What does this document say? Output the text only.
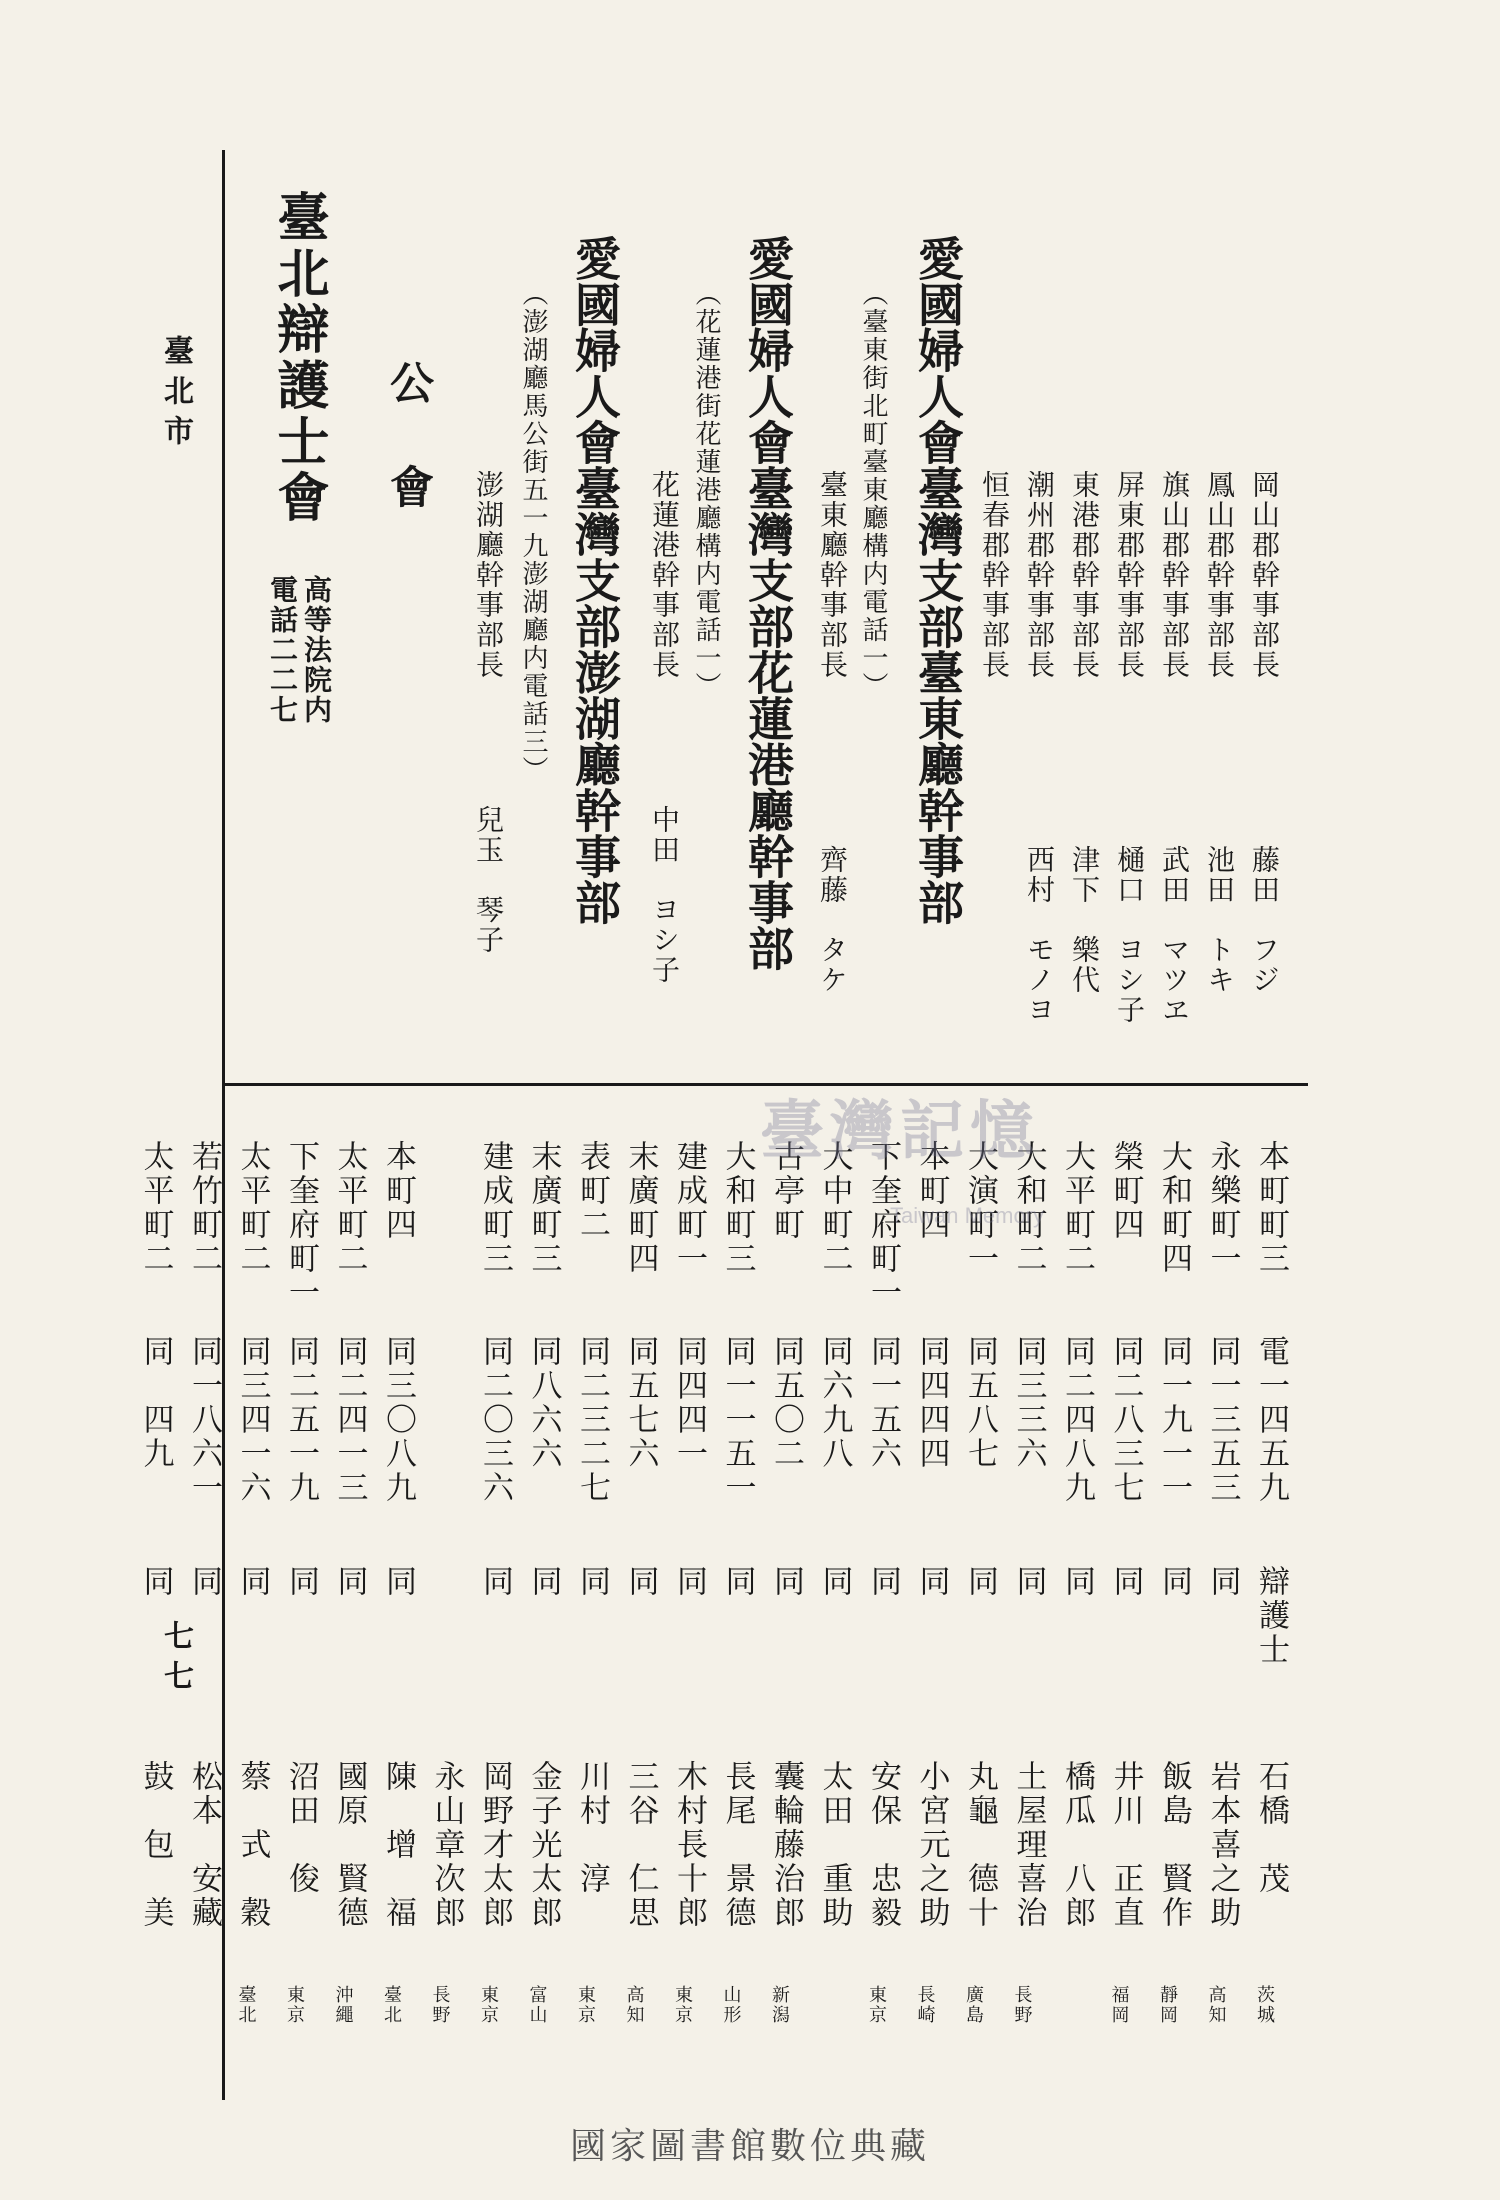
臺北市
七七
岡山郡幹事部長
藤田　フジ
鳳山郡幹事部長
池田　トキ
旗山郡幹事部長
武田　マツヱ
屏東郡幹事部長
樋口　ヨシ子
東港郡幹事部長
津下　樂代
潮州郡幹事部長
西村　モノヨ
恒春郡幹事部長
愛國婦人會臺灣支部臺東廳幹事部
（臺東街北町臺東廳構内電話一）
臺東廳幹事部長
齊藤　タケ
愛國婦人會臺灣支部花蓮港廳幹事部
（花蓮港街花蓮港廳構内電話一）
花蓮港幹事部長
中田　ヨシ子
愛國婦人會臺灣支部澎湖廳幹事部
（澎湖廳馬公街五一九澎湖廳内電話三）
澎湖廳幹事部長
兒玉　琴子
公　會
臺北辯護士會
高等法院内
電話二二七
本町町三
電一四五九
辯護士
石橋　茂
茨城
永樂町一
同一三五三
同
岩本喜之助
高知
大和町四
同一九一一
同
飯島　賢作
靜岡
榮町四
同二八三七
同
井川　正直
福岡
大平町二
同二四八九
同
橋瓜　八郎
大和町二
同三三六
同
土屋理喜治
長野
大演町一
同五八七
同
丸龜　德十
廣島
本町四
同四四四
同
小宮元之助
長崎
下奎府町一
同一五六
同
安保　忠毅
東京
大中町二
同六九八
同
太田　重助
古亭町
同五〇二
同
囊輪藤治郎
新潟
大和町三
同一一五一
同
長尾　景德
山形
建成町一
同四四一
同
木村長十郎
東京
末廣町四
同五七六
同
三谷　仁思
高知
表町二
同二三二七
同
川村　淳
東京
末廣町三
同八六六
同
金子光太郎
富山
建成町三
同二〇三六
同
岡野才太郎
東京
永山章次郎
長野
本町四
同三〇八九
同
陳　增　福
臺北
太平町二
同二四一三
同
國原　賢德
沖繩
下奎府町一
同二五一九
同
沼田　俊
東京
太平町二
同三四一六
同
蔡　式　穀
臺北
若竹町二
同一八六一
同
松本　安藏
太平町二
同　四九
同
鼓　包　美
臺灣記憶
Taiwan Memory
國家圖書館數位典藏
